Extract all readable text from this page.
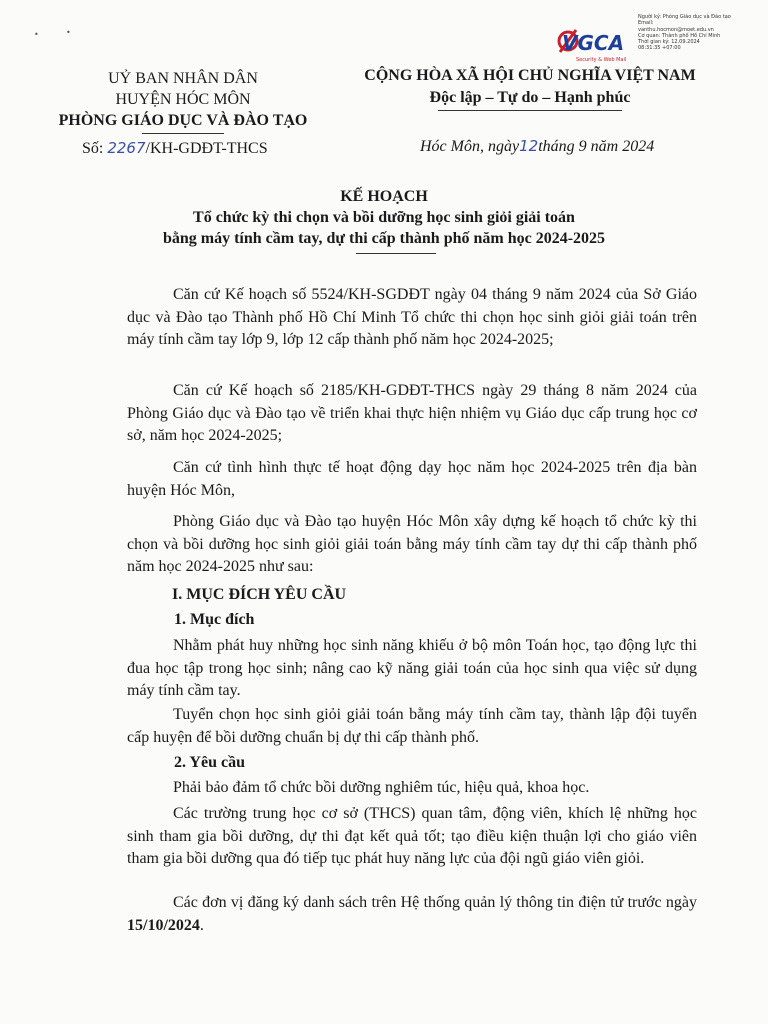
•	•	VGCA
Security & Web Mail
Người ký: Phòng Giáo dục và Đào tạo
Email:
vanthu.hocmon@moet.edu.vn
Cơ quan: Thành phố Hồ Chí Minh
Thời gian ký: 12.09.2024
08:31:35 +07:00
UỶ BAN NHÂN DÂN
HUYỆN HÓC MÔN
PHÒNG GIÁO DỤC VÀ ĐÀO TẠO
CỘNG HÒA XÃ HỘI CHỦ NGHĨA VIỆT NAM
Độc lập – Tự do – Hạnh phúc
Số: 2267/KH-GDĐT-THCS	Hóc Môn, ngày12tháng 9 năm 2024
KẾ HOẠCH
Tổ chức kỳ thi chọn và bồi dưỡng học sinh giỏi giải toán
bằng máy tính cầm tay, dự thi cấp thành phố năm học 2024-2025
Căn cứ Kế hoạch số 5524/KH-SGDĐT ngày 04 tháng 9 năm 2024 của Sở Giáo dục và Đào tạo Thành phố Hồ Chí Minh Tổ chức thi chọn học sinh giỏi giải toán trên máy tính cầm tay lớp 9, lớp 12 cấp thành phố năm học 2024-2025;
Căn cứ Kế hoạch số 2185/KH-GDĐT-THCS ngày 29 tháng 8 năm 2024 của Phòng Giáo dục và Đào tạo về triển khai thực hiện nhiệm vụ Giáo dục cấp trung học cơ sở, năm học 2024-2025;
Căn cứ tình hình thực tế hoạt động dạy học năm học 2024-2025 trên địa bàn huyện Hóc Môn,
Phòng Giáo dục và Đào tạo huyện Hóc Môn xây dựng kế hoạch tổ chức kỳ thi chọn và bồi dưỡng học sinh giỏi giải toán bằng máy tính cầm tay dự thi cấp thành phố năm học 2024-2025 như sau:
I. MỤC ĐÍCH YÊU CẦU
1. Mục đích
Nhằm phát huy những học sinh năng khiếu ở bộ môn Toán học, tạo động lực thi đua học tập trong học sinh; nâng cao kỹ năng giải toán của học sinh qua việc sử dụng máy tính cầm tay.
Tuyển chọn học sinh giỏi giải toán bằng máy tính cầm tay, thành lập đội tuyển cấp huyện để bồi dưỡng chuẩn bị dự thi cấp thành phố.
2. Yêu cầu
Phải bảo đảm tổ chức bồi dưỡng nghiêm túc, hiệu quả, khoa học.
Các trường trung học cơ sở (THCS) quan tâm, động viên, khích lệ những học sinh tham gia bồi dưỡng, dự thi đạt kết quả tốt; tạo điều kiện thuận lợi cho giáo viên tham gia bồi dưỡng qua đó tiếp tục phát huy năng lực của đội ngũ giáo viên giỏi.
Các đơn vị đăng ký danh sách trên Hệ thống quản lý thông tin điện tử trước ngày 15/10/2024.
